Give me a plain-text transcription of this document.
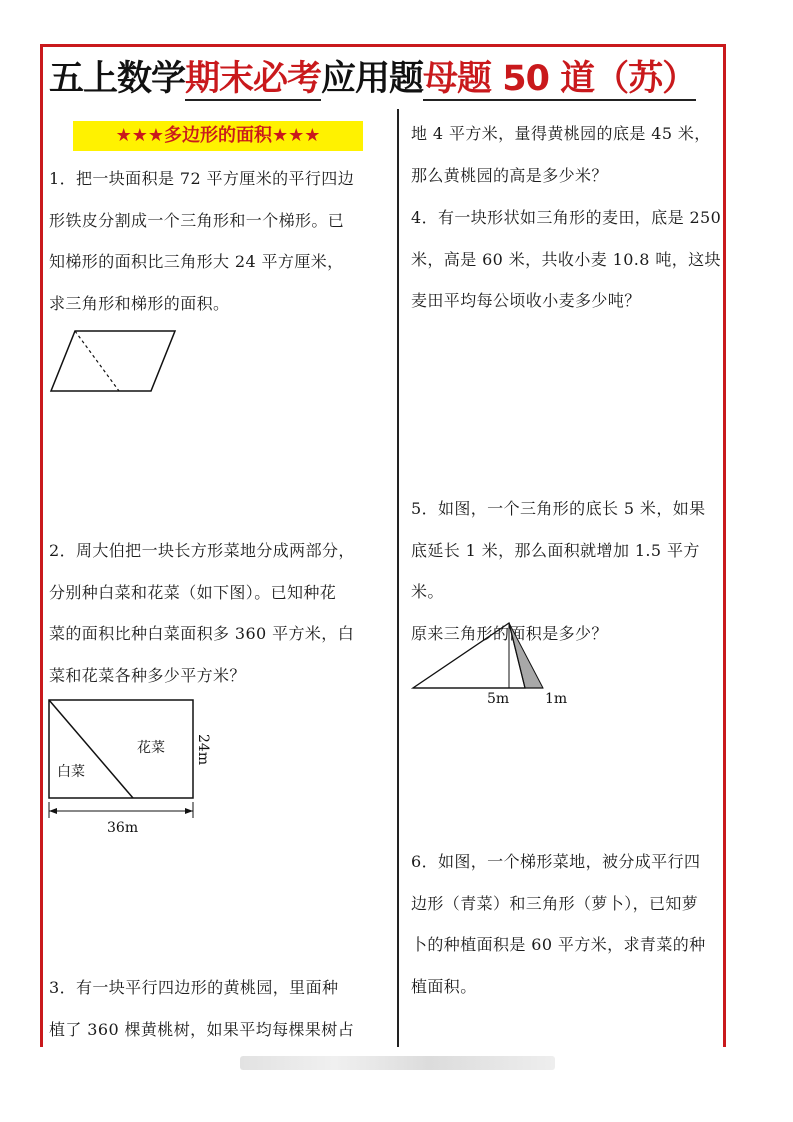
五上数学期末必考应用题母题 50 道（苏）
★★★多边形的面积★★★
1．把一块面积是 72 平方厘米的平行四边
形铁皮分割成一个三角形和一个梯形。已
知梯形的面积比三角形大 24 平方厘米，
求三角形和梯形的面积。
2．周大伯把一块长方形菜地分成两部分，
分别种白菜和花菜（如下图）。已知种花
菜的面积比种白菜面积多 360 平方米，白
菜和花菜各种多少平方米？
花菜
白菜
24m
36m
3．有一块平行四边形的黄桃园，里面种
植了 360 棵黄桃树，如果平均每棵果树占
地 4 平方米，量得黄桃园的底是 45 米，
那么黄桃园的高是多少米？
4．有一块形状如三角形的麦田，底是 250
米，高是 60 米，共收小麦 10.8 吨，这块
麦田平均每公顷收小麦多少吨？
5．如图，一个三角形的底长 5 米，如果
底延长 1 米，那么面积就增加 1.5 平方米。
原来三角形的面积是多少？
5m	1m
6．如图，一个梯形菜地，被分成平行四
边形（青菜）和三角形（萝卜），已知萝
卜的种植面积是 60 平方米，求青菜的种
植面积。
